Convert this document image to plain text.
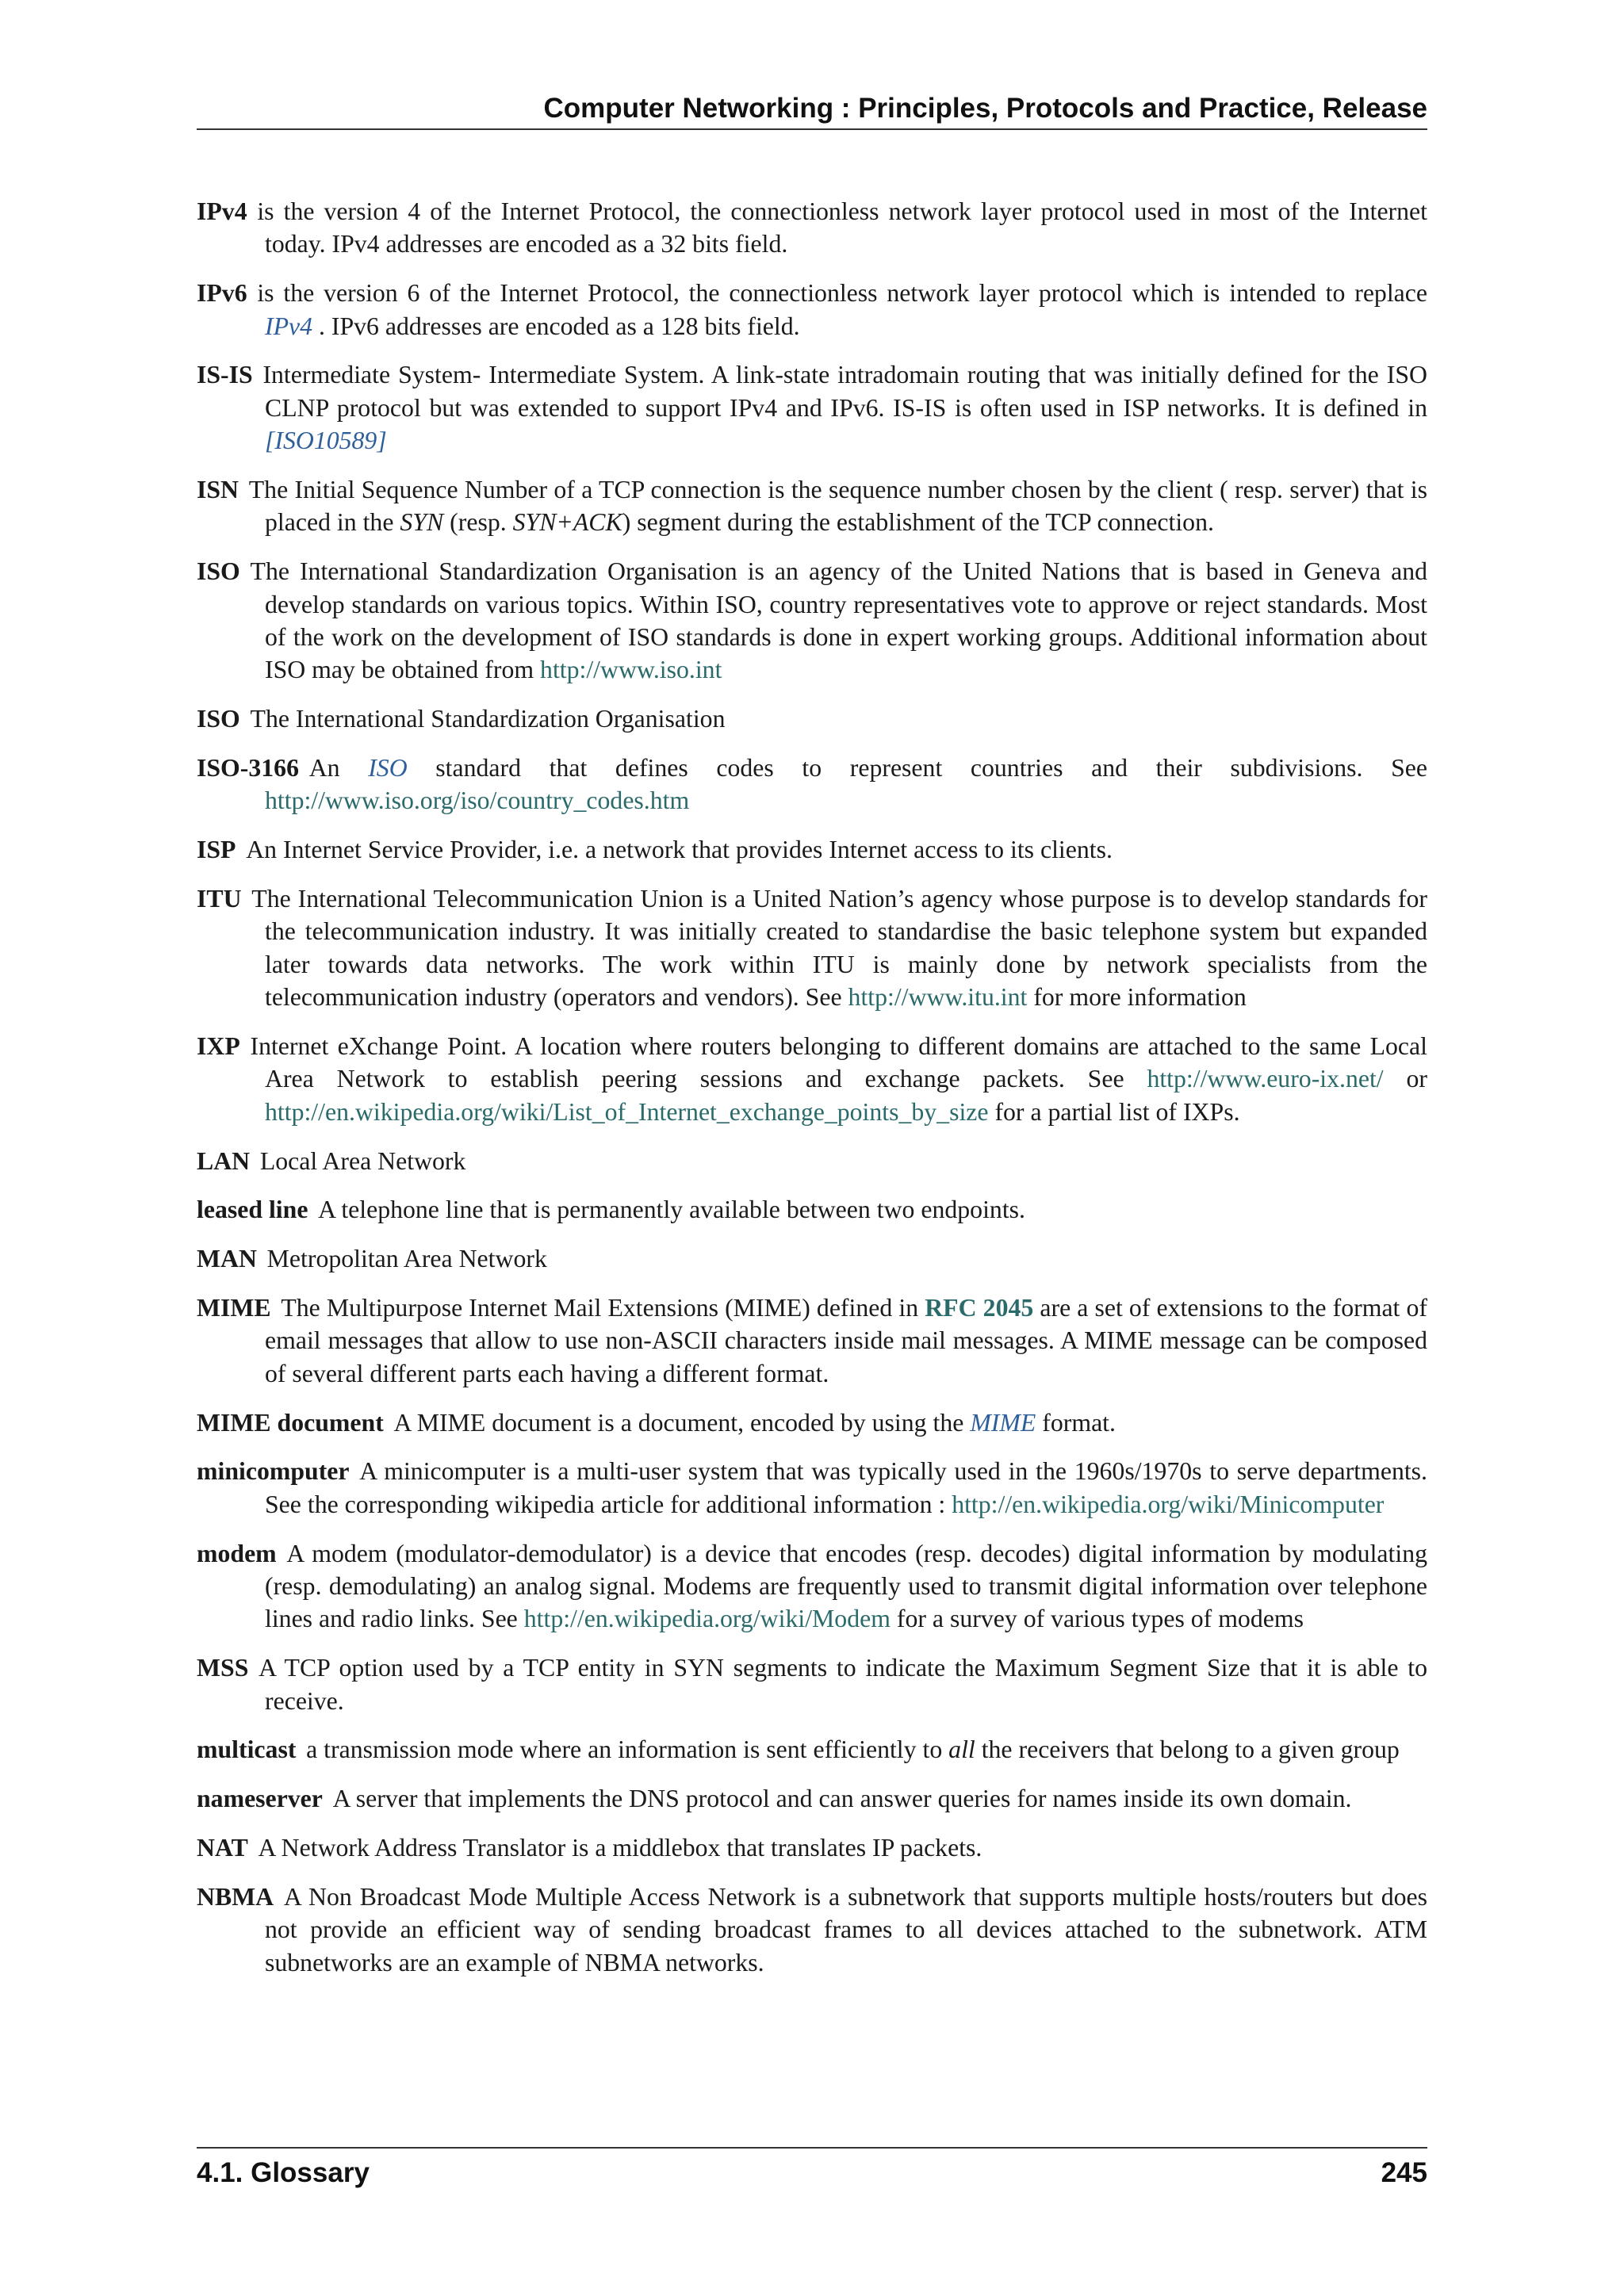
Computer Networking : Principles, Protocols and Practice, Release

IPv4 is the version 4 of the Internet Protocol, the connectionless network layer protocol used in most of the Internet today. IPv4 addresses are encoded as a 32 bits field.

IPv6 is the version 6 of the Internet Protocol, the connectionless network layer protocol which is intended to replace IPv4 . IPv6 addresses are encoded as a 128 bits field.

IS-IS Intermediate System- Intermediate System. A link-state intradomain routing that was initially defined for the ISO CLNP protocol but was extended to support IPv4 and IPv6. IS-IS is often used in ISP networks. It is defined in [ISO10589]

ISN The Initial Sequence Number of a TCP connection is the sequence number chosen by the client ( resp. server) that is placed in the SYN (resp. SYN+ACK) segment during the establishment of the TCP connection.

ISO The International Standardization Organisation is an agency of the United Nations that is based in Geneva and develop standards on various topics. Within ISO, country representatives vote to approve or reject standards. Most of the work on the development of ISO standards is done in expert working groups. Additional information about ISO may be obtained from http://www.iso.int

ISO The International Standardization Organisation

ISO-3166 An ISO standard that defines codes to represent countries and their subdivisions. See http://www.iso.org/iso/country_codes.htm

ISP An Internet Service Provider, i.e. a network that provides Internet access to its clients.

ITU The International Telecommunication Union is a United Nation’s agency whose purpose is to develop standards for the telecommunication industry. It was initially created to standardise the basic telephone system but expanded later towards data networks. The work within ITU is mainly done by network specialists from the telecommunication industry (operators and vendors). See http://www.itu.int for more information

IXP Internet eXchange Point. A location where routers belonging to different domains are attached to the same Local Area Network to establish peering sessions and exchange packets. See http://www.euro-ix.net/ or http://en.wikipedia.org/wiki/List_of_Internet_exchange_points_by_size for a partial list of IXPs.

LAN Local Area Network

leased line A telephone line that is permanently available between two endpoints.

MAN Metropolitan Area Network

MIME The Multipurpose Internet Mail Extensions (MIME) defined in RFC 2045 are a set of extensions to the format of email messages that allow to use non-ASCII characters inside mail messages. A MIME message can be composed of several different parts each having a different format.

MIME document A MIME document is a document, encoded by using the MIME format.

minicomputer A minicomputer is a multi-user system that was typically used in the 1960s/1970s to serve departments. See the corresponding wikipedia article for additional information : http://en.wikipedia.org/wiki/Minicomputer

modem A modem (modulator-demodulator) is a device that encodes (resp. decodes) digital information by modulating (resp. demodulating) an analog signal. Modems are frequently used to transmit digital information over telephone lines and radio links. See http://en.wikipedia.org/wiki/Modem for a survey of various types of modems

MSS A TCP option used by a TCP entity in SYN segments to indicate the Maximum Segment Size that it is able to receive.

multicast a transmission mode where an information is sent efficiently to all the receivers that belong to a given group

nameserver A server that implements the DNS protocol and can answer queries for names inside its own domain.

NAT A Network Address Translator is a middlebox that translates IP packets.

NBMA A Non Broadcast Mode Multiple Access Network is a subnetwork that supports multiple hosts/routers but does not provide an efficient way of sending broadcast frames to all devices attached to the subnetwork. ATM subnetworks are an example of NBMA networks.

4.1. Glossary	245
